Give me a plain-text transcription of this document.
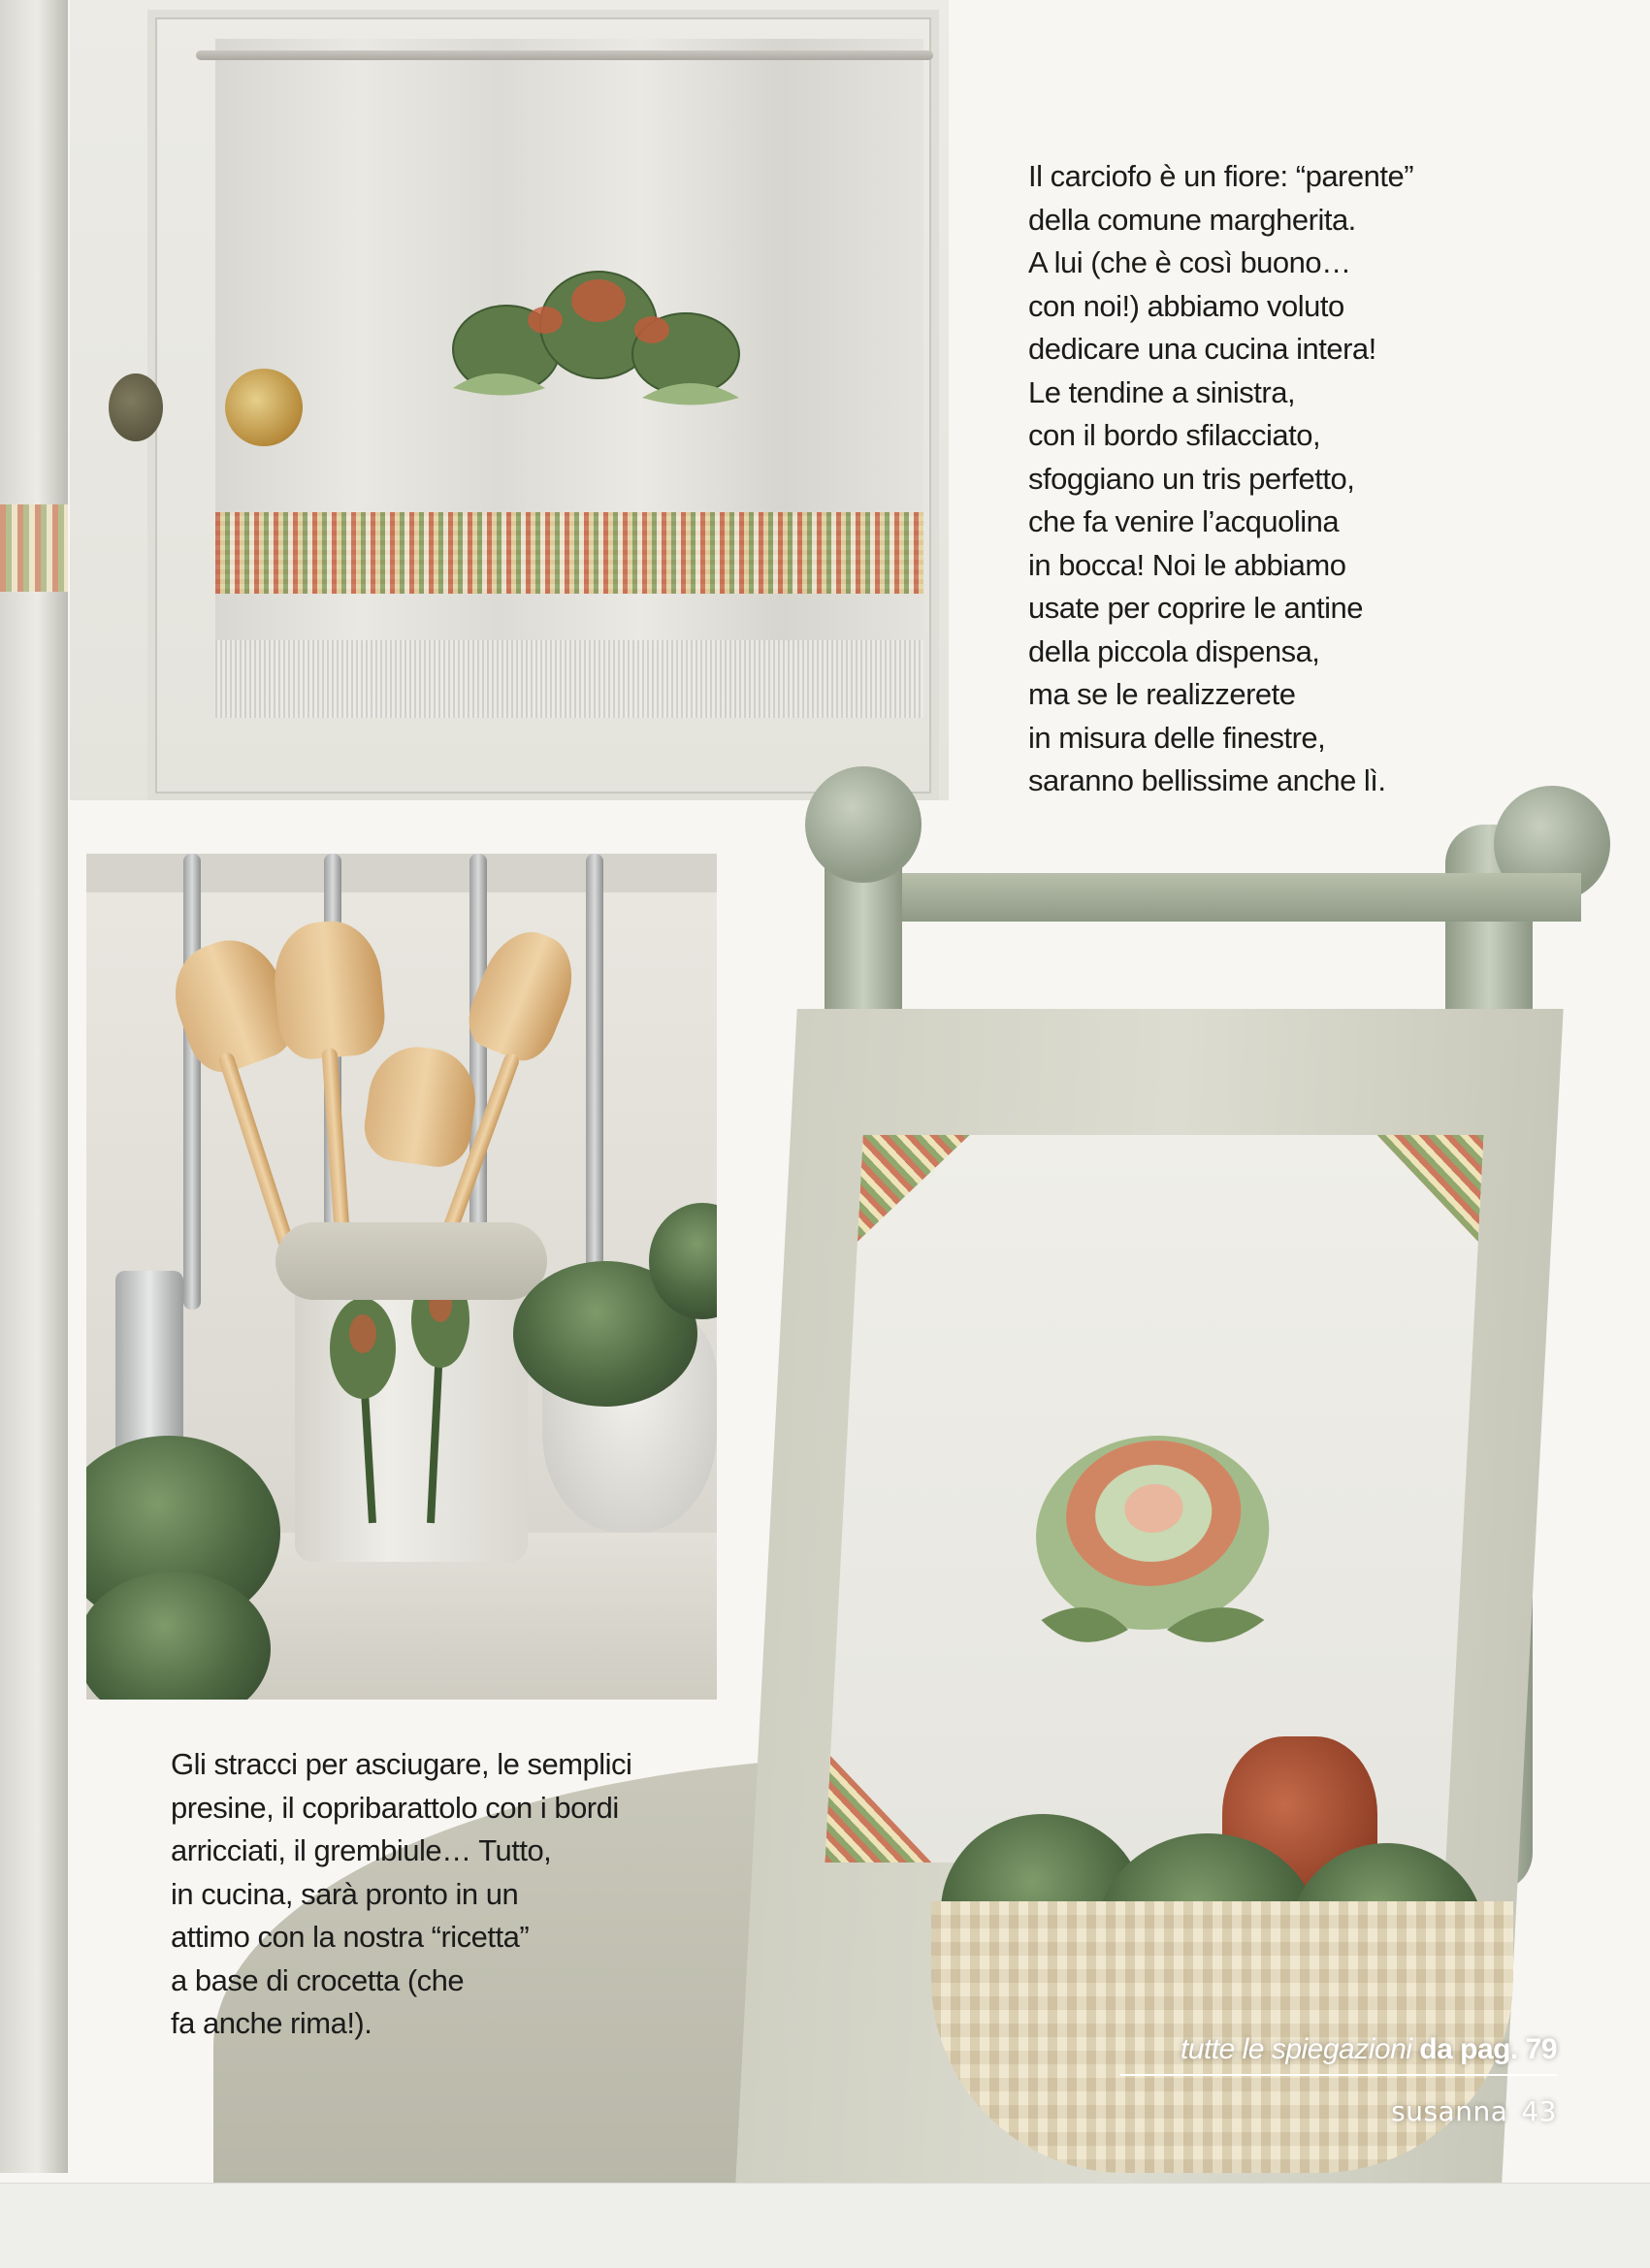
Il carciofo è un fiore: “parente”
della comune margherita.
A lui (che è così buono…
con noi!) abbiamo voluto
dedicare una cucina intera!
Le tendine a sinistra,
con il bordo sfilacciato,
sfoggiano un tris perfetto,
che fa venire l’acquolina
in bocca! Noi le abbiamo
usate per coprire le antine
della piccola dispensa,
ma se le realizzerete
in misura delle finestre,
saranno bellissime anche lì.

Gli stracci per asciugare, le semplici
presine, il copribarattolo con i bordi
arricciati, il grembiule… Tutto,
in cucina, sarà pronto in un
attimo con la nostra “ricetta”
a base di crocetta (che
fa anche rima!).

tutte le spiegazioni da pag. 79
susanna 43
